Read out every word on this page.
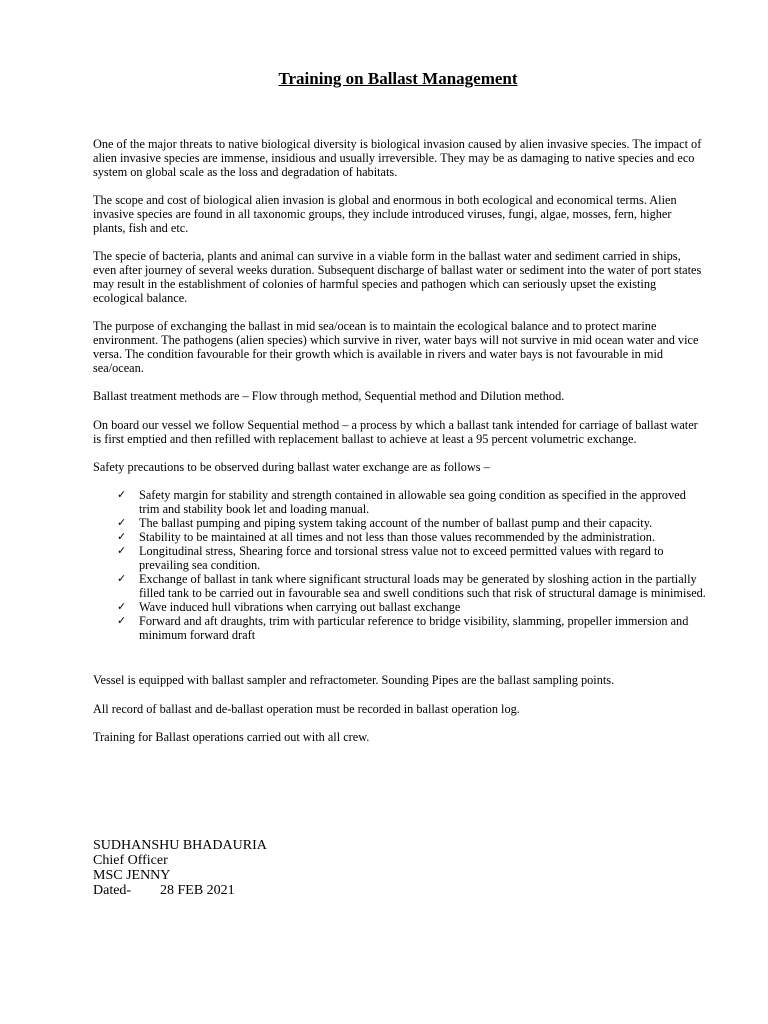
Training on Ballast Management

One of the major threats to native biological diversity is biological invasion caused by alien invasive species. The impact of alien invasive species are immense, insidious and usually irreversible. They may be as damaging to native species and eco system on global scale as the loss and degradation of habitats.

The scope and cost of biological alien invasion is global and enormous in both ecological and economical terms. Alien invasive species are found in all taxonomic groups, they include introduced viruses, fungi, algae, mosses, fern, higher plants, fish and etc.

The specie of bacteria, plants and animal can survive in a viable form in the ballast water and sediment carried in ships, even after journey of several weeks duration. Subsequent discharge of ballast water or sediment into the water of port states may result in the establishment of colonies of harmful species and pathogen which can seriously upset the existing ecological balance.

The purpose of exchanging the ballast in mid sea/ocean is to maintain the ecological balance and to protect marine environment. The pathogens (alien species) which survive in river, water bays will not survive in mid ocean water and vice versa. The condition favourable for their growth which is available in rivers and water bays is not favourable in mid sea/ocean.

Ballast treatment methods are – Flow through method, Sequential method and Dilution method.

On board our vessel we follow Sequential method – a process by which a ballast tank intended for carriage of ballast water is first emptied and then refilled with replacement ballast to achieve at least a 95 percent volumetric exchange.

Safety precautions to be observed during ballast water exchange are as follows –

✓ Safety margin for stability and strength contained in allowable sea going condition as specified in the approved trim and stability book let and loading manual.
✓ The ballast pumping and piping system taking account of the number of ballast pump and their capacity.
✓ Stability to be maintained at all times and not less than those values recommended by the administration.
✓ Longitudinal stress, Shearing force and torsional stress value not to exceed permitted values with regard to prevailing sea condition.
✓ Exchange of ballast in tank where significant structural loads may be generated by sloshing action in the partially filled tank to be carried out in favourable sea and swell conditions such that risk of structural damage is minimised.
✓ Wave induced hull vibrations when carrying out ballast exchange
✓ Forward and aft draughts, trim with particular reference to bridge visibility, slamming, propeller immersion and minimum forward draft

Vessel is equipped with ballast sampler and refractometer. Sounding Pipes are the ballast sampling points.

All record of ballast and de-ballast operation must be recorded in ballast operation log.

Training for Ballast operations carried out with all crew.

SUDHANSHU BHADAURIA
Chief Officer
MSC JENNY
Dated- 28 FEB 2021
